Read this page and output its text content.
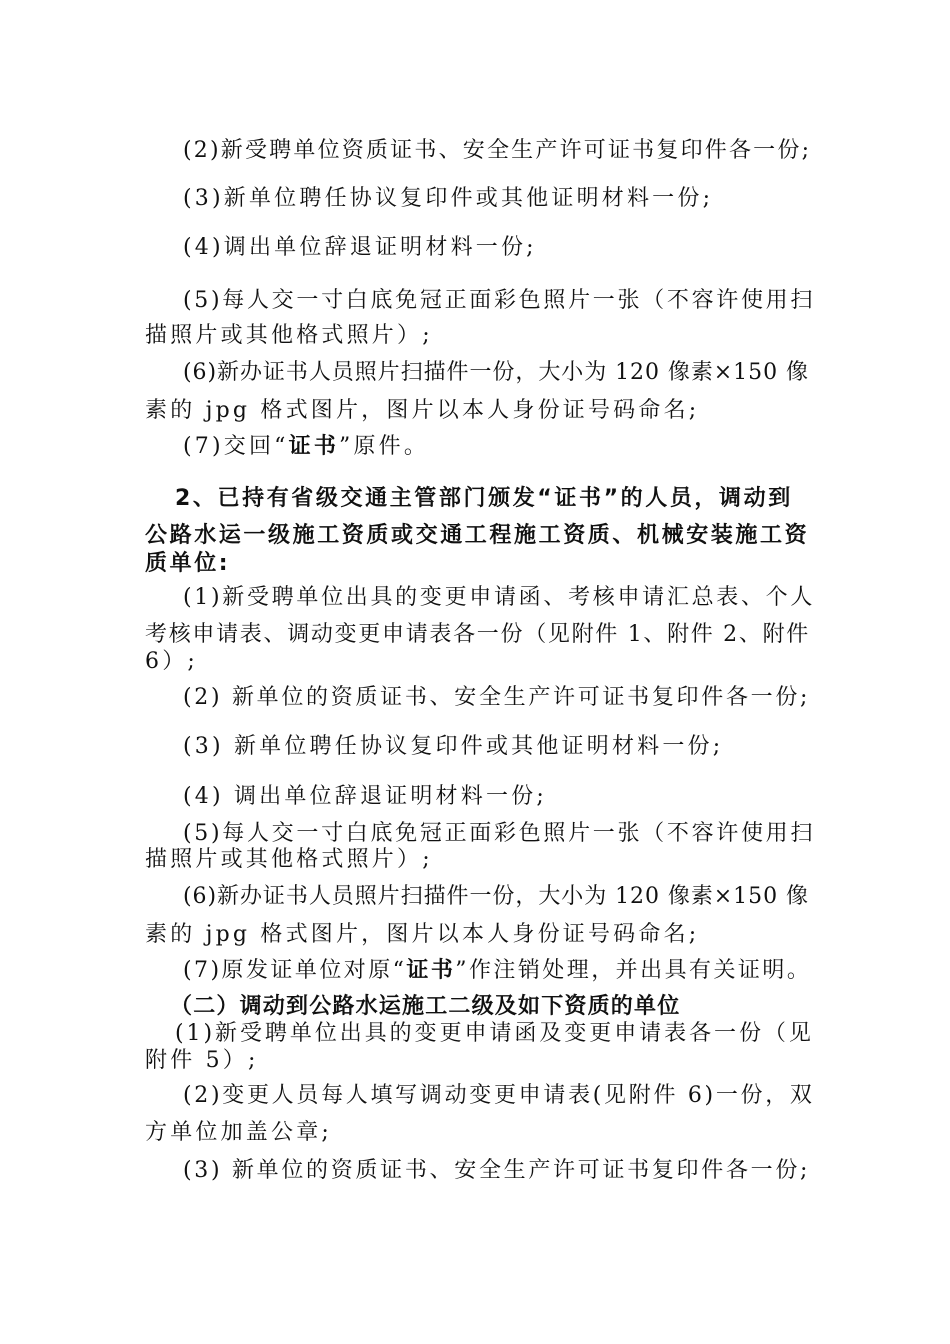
(2)新受聘单位资质证书、安全生产许可证书复印件各一份;
(3)新单位聘任协议复印件或其他证明材料一份;
(4)调出单位辞退证明材料一份;
(5)每人交一寸白底免冠正面彩色照片一张（不容许使用扫
描照片或其他格式照片）;
(6)新办证书人员照片扫描件一份，大小为 120 像素×150 像
素的 jpg 格式图片，图片以本人身份证号码命名;
(7)交回“证书”原件。
2、已持有省级交通主管部门颁发“证书”的人员，调动到
公路水运一级施工资质或交通工程施工资质、机械安装施工资
质单位:
(1)新受聘单位出具的变更申请函、考核申请汇总表、个人
考核申请表、调动变更申请表各一份（见附件 1、附件 2、附件
6）;
(2) 新单位的资质证书、安全生产许可证书复印件各一份;
(3) 新单位聘任协议复印件或其他证明材料一份;
(4) 调出单位辞退证明材料一份;
(5)每人交一寸白底免冠正面彩色照片一张（不容许使用扫
描照片或其他格式照片）;
(6)新办证书人员照片扫描件一份，大小为 120 像素×150 像
素的 jpg 格式图片，图片以本人身份证号码命名;
(7)原发证单位对原“证书”作注销处理，并出具有关证明。
（二）调动到公路水运施工二级及如下资质的单位
(1)新受聘单位出具的变更申请函及变更申请表各一份（见
附件 5）;
(2)变更人员每人填写调动变更申请表(见附件 6)一份，双
方单位加盖公章;
(3) 新单位的资质证书、安全生产许可证书复印件各一份;
